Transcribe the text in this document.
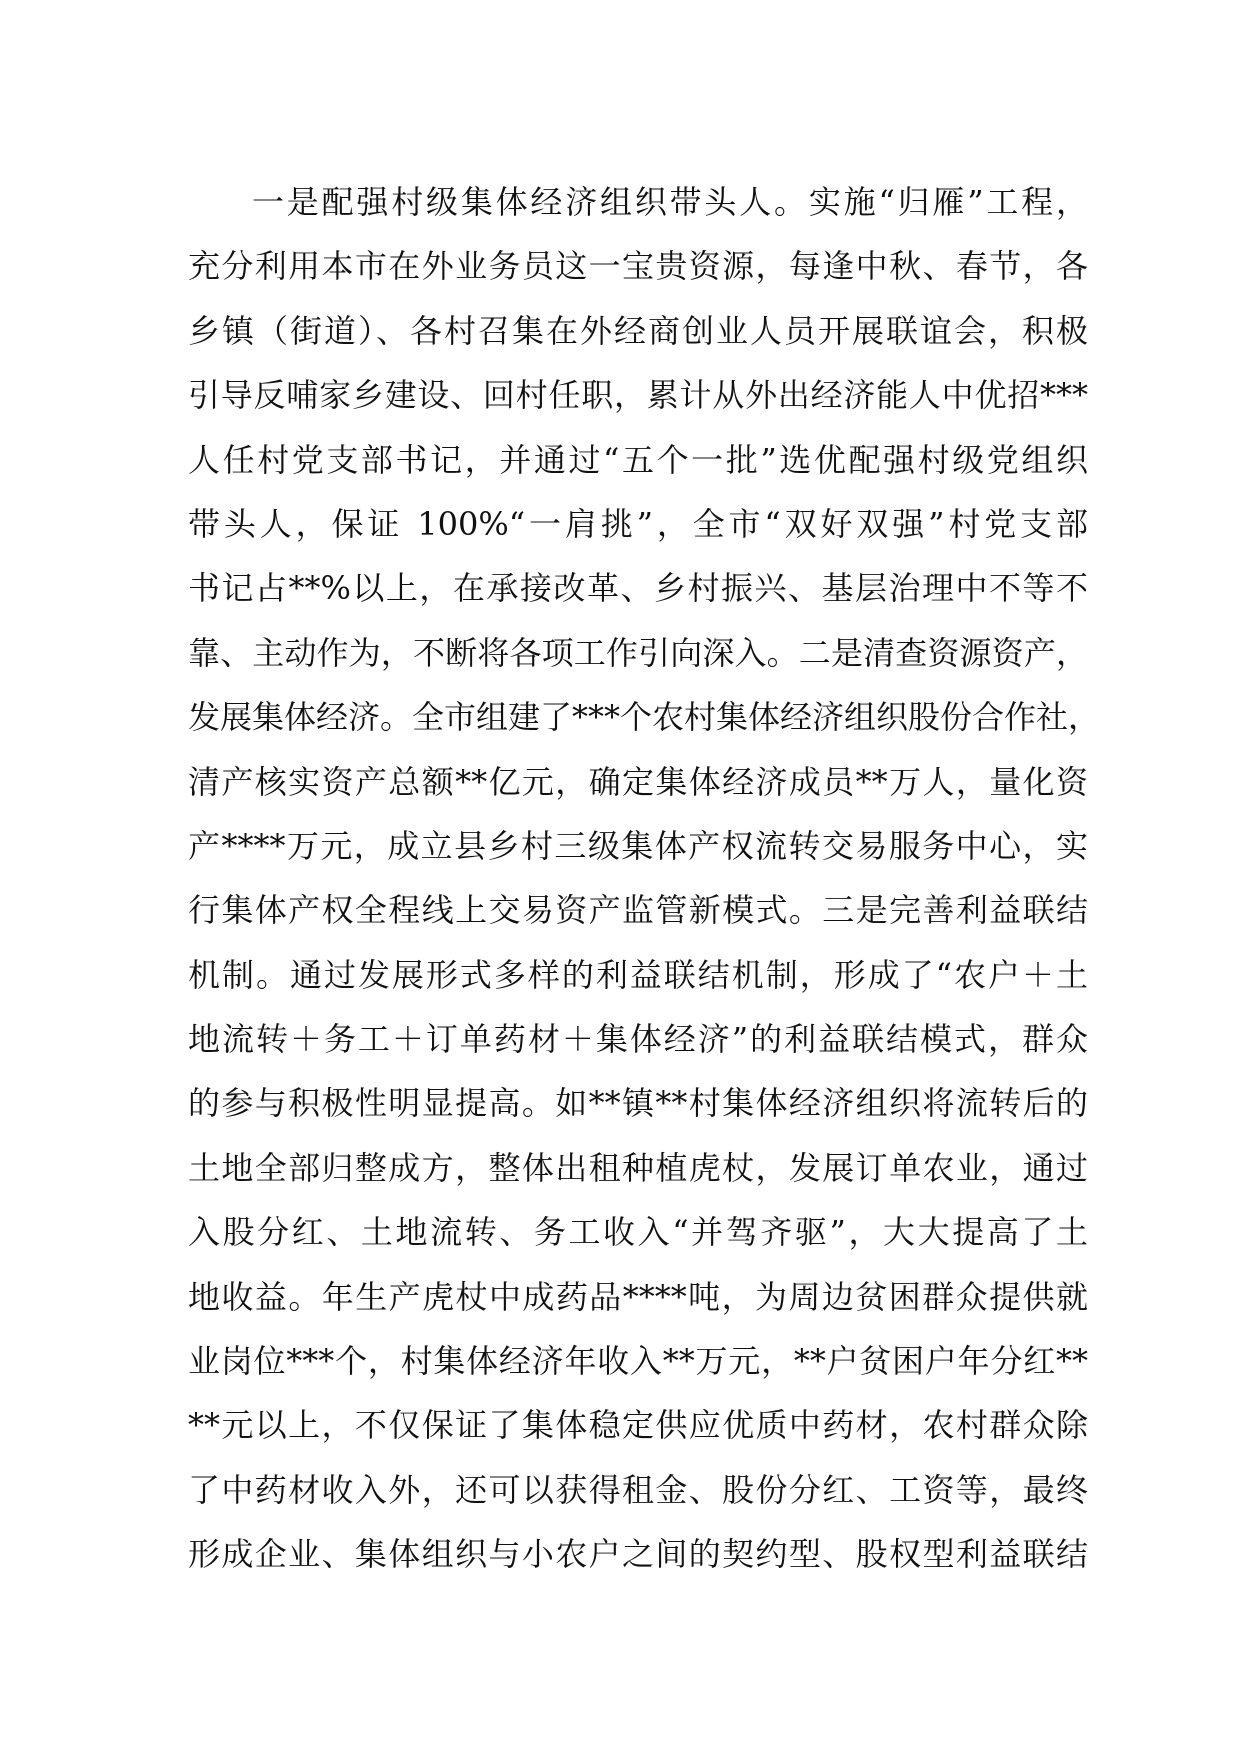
一是配强村级集体经济组织带头人。实施“归雁”工程，
充分利用本市在外业务员这一宝贵资源，每逢中秋、春节，各
乡镇（街道）、各村召集在外经商创业人员开展联谊会，积极
引导反哺家乡建设、回村任职，累计从外出经济能人中优招***
人任村党支部书记，并通过“五个一批”选优配强村级党组织
带头人，保证 100%“一肩挑”，全市“双好双强”村党支部
书记占**%以上，在承接改革、乡村振兴、基层治理中不等不
靠、主动作为，不断将各项工作引向深入。二是清查资源资产，
发展集体经济。全市组建了***个农村集体经济组织股份合作社，
清产核实资产总额**亿元，确定集体经济成员**万人，量化资
产****万元，成立县乡村三级集体产权流转交易服务中心，实
行集体产权全程线上交易资产监管新模式。三是完善利益联结
机制。通过发展形式多样的利益联结机制，形成了“农户＋土
地流转＋务工＋订单药材＋集体经济”的利益联结模式，群众
的参与积极性明显提高。如**镇**村集体经济组织将流转后的
土地全部归整成方，整体出租种植虎杖，发展订单农业，通过
入股分红、土地流转、务工收入“并驾齐驱”，大大提高了土
地收益。年生产虎杖中成药品****吨，为周边贫困群众提供就
业岗位***个，村集体经济年收入**万元，**户贫困户年分红**
**元以上，不仅保证了集体稳定供应优质中药材，农村群众除
了中药材收入外，还可以获得租金、股份分红、工资等，最终
形成企业、集体组织与小农户之间的契约型、股权型利益联结
